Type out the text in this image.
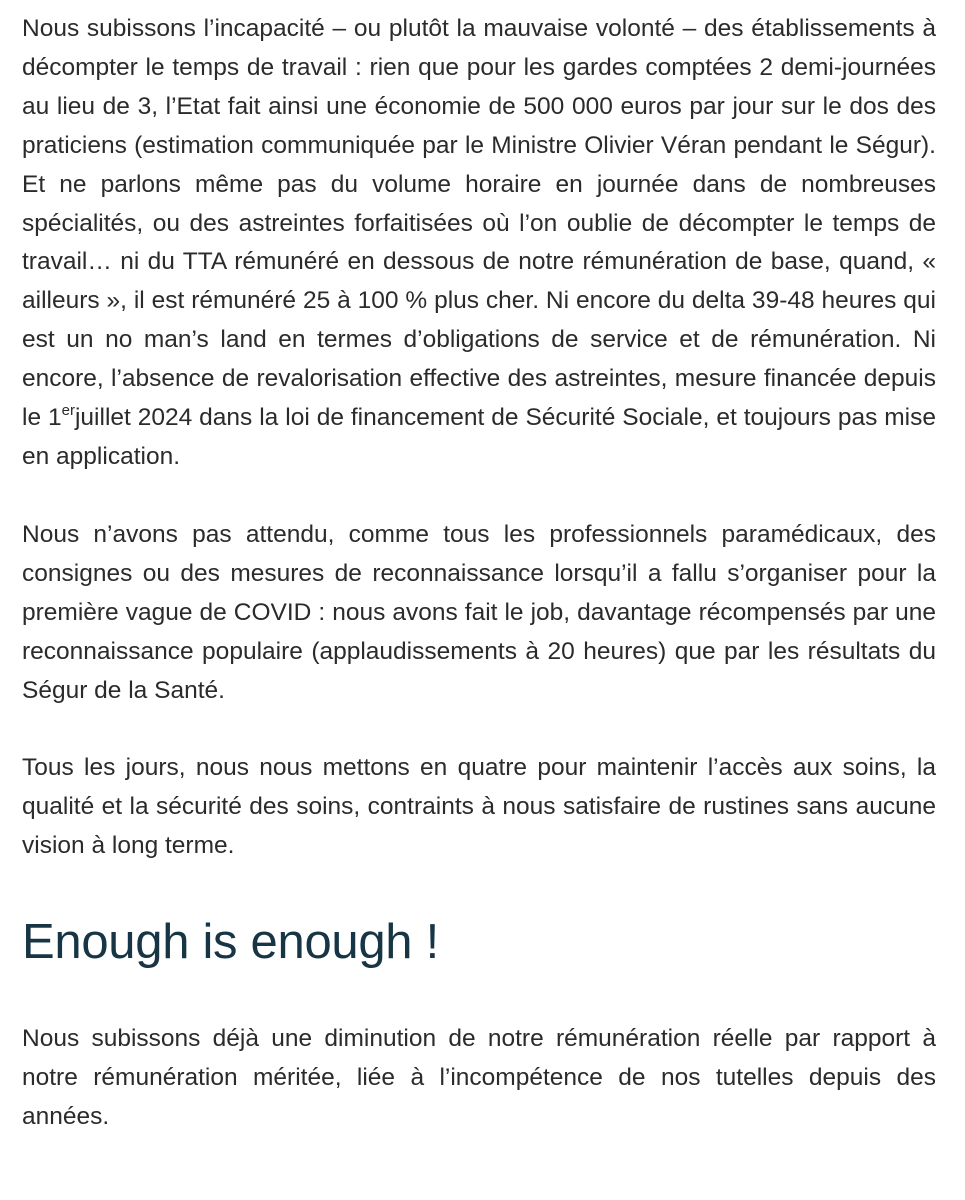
Nous subissons l’incapacité – ou plutôt la mauvaise volonté – des établissements à décompter le temps de travail : rien que pour les gardes comptées 2 demi-journées au lieu de 3, l’Etat fait ainsi une économie de 500 000 euros par jour sur le dos des praticiens (estimation communiquée par le Ministre Olivier Véran pendant le Ségur). Et ne parlons même pas du volume horaire en journée dans de nombreuses spécialités, ou des astreintes forfaitisées où l’on oublie de décompter le temps de travail… ni du TTA rémunéré en dessous de notre rémunération de base, quand, « ailleurs », il est rémunéré 25 à 100 % plus cher. Ni encore du delta 39-48 heures qui est un no man’s land en termes d’obligations de service et de rémunération. Ni encore, l’absence de revalorisation effective des astreintes, mesure financée depuis le 1erjuillet 2024 dans la loi de financement de Sécurité Sociale, et toujours pas mise en application.

Nous n’avons pas attendu, comme tous les professionnels paramédicaux, des consignes ou des mesures de reconnaissance lorsqu’il a fallu s’organiser pour la première vague de COVID : nous avons fait le job, davantage récompensés par une reconnaissance populaire (applaudissements à 20 heures) que par les résultats du Ségur de la Santé.

Tous les jours, nous nous mettons en quatre pour maintenir l’accès aux soins, la qualité et la sécurité des soins, contraints à nous satisfaire de rustines sans aucune vision à long terme.

Enough is enough !

Nous subissons déjà une diminution de notre rémunération réelle par rapport à notre rémunération méritée, liée à l’incompétence de nos tutelles depuis des années.
